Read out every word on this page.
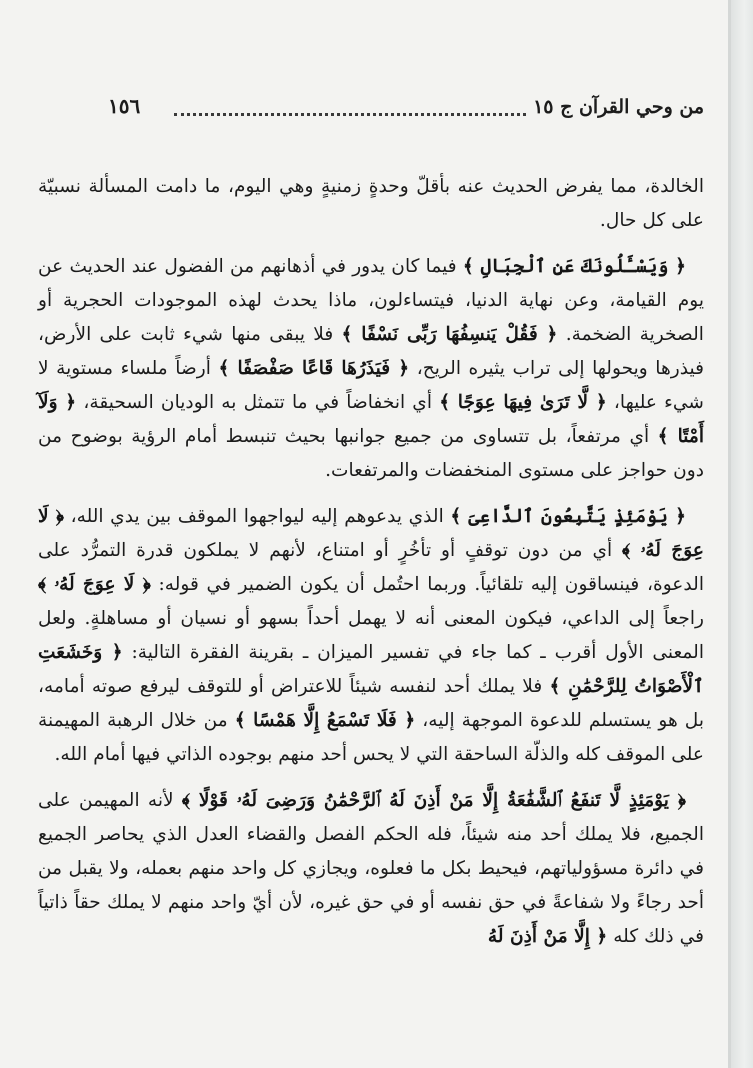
من وحي القرآن ج ١٥
١٥٦

الخالدة، مما يفرض الحديث عنه بأقلّ وحدةٍ زمنيةٍ وهي اليوم، ما دامت المسألة نسبيّة على كل حال.

﴿ وَيَسْـَٔلُونَكَ عَنِ ٱلْجِبَالِ ﴾ فيما كان يدور في أذهانهم من الفضول عند الحديث عن يوم القيامة، وعن نهاية الدنيا، فيتساءلون، ماذا يحدث لهذه الموجودات الحجرية أو الصخرية الضخمة. ﴿ فَقُلْ يَنسِفُهَا رَبِّى نَسْفًا ﴾ فلا يبقى منها شيء ثابت على الأرض، فيذرها ويحولها إلى تراب يثيره الريح، ﴿ فَيَذَرُهَا قَاعًا صَفْصَفًا ﴾ أرضاً ملساء مستوية لا شيء عليها، ﴿ لَّا تَرَىٰ فِيهَا عِوَجًا ﴾ أي انخفاضاً في ما تتمثل به الوديان السحيقة، ﴿ وَلَآ أَمْتًا ﴾ أي مرتفعاً، بل تتساوى من جميع جوانبها بحيث تنبسط أمام الرؤية بوضوح من دون حواجز على مستوى المنخفضات والمرتفعات.

﴿ يَوْمَئِذٍ يَتَّبِعُونَ ٱلدَّاعِىَ ﴾ الذي يدعوهم إليه ليواجهوا الموقف بين يدي الله، ﴿ لَا عِوَجَ لَهُۥ ﴾ أي من دون توقفٍ أو تأخُرٍ أو امتناع، لأنهم لا يملكون قدرة التمرُّد على الدعوة، فينساقون إليه تلقائياً. وربما احتُمل أن يكون الضمير في قوله: ﴿ لَا عِوَجَ لَهُۥ ﴾ راجعاً إلى الداعي، فيكون المعنى أنه لا يهمل أحداً بسهو أو نسيان أو مساهلةٍ. ولعل المعنى الأول أقرب ـ كما جاء في تفسير الميزان ـ بقرينة الفقرة التالية: ﴿ وَخَشَعَتِ ٱلْأَصْوَاتُ لِلرَّحْمَٰنِ ﴾ فلا يملك أحد لنفسه شيئاً للاعتراض أو للتوقف ليرفع صوته أمامه، بل هو يستسلم للدعوة الموجهة إليه، ﴿ فَلَا تَسْمَعُ إِلَّا هَمْسًا ﴾ من خلال الرهبة المهيمنة على الموقف كله والذلّة الساحقة التي لا يحس أحد منهم بوجوده الذاتي فيها أمام الله.

﴿ يَوْمَئِذٍ لَّا تَنفَعُ ٱلشَّفَٰعَةُ إِلَّا مَنْ أَذِنَ لَهُ ٱلرَّحْمَٰنُ وَرَضِىَ لَهُۥ قَوْلًا ﴾ لأنه المهيمن على الجميع، فلا يملك أحد منه شيئاً، فله الحكم الفصل والقضاء العدل الذي يحاصر الجميع في دائرة مسؤولياتهم، فيحيط بكل ما فعلوه، ويجازي كل واحد منهم بعمله، ولا يقبل من أحد رجاءً ولا شفاعةً في حق نفسه أو في حق غيره، لأن أيّ واحد منهم لا يملك حقاً ذاتياً في ذلك كله ﴿ إِلَّا مَنْ أَذِنَ لَهُ
